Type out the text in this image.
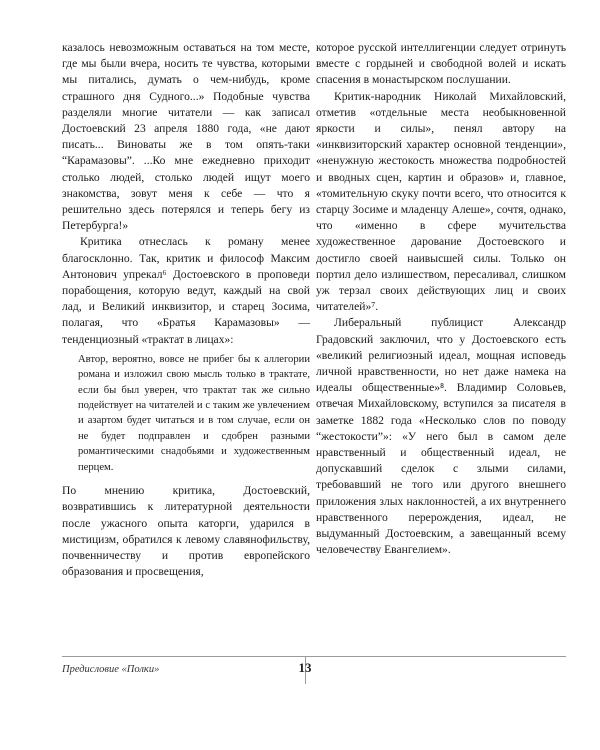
казалось невозможным оставаться на том месте, где мы были вчера, носить те чувства, которыми мы питались, думать о чем-нибудь, кроме страшного дня Судного...» Подобные чувства разделяли многие читатели — как записал Достоевский 23 апреля 1880 года, «не дают писать... Виноваты же в том опять-таки “Карамазовы”. ...Ко мне ежедневно приходит столько людей, столько людей ищут моего знакомства, зовут меня к себе — что я решительно здесь потерялся и теперь бегу из Петербурга!»

Критика отнеслась к роману менее благосклонно. Так, критик и философ Максим Антонович упрекал⁶ Достоевского в проповеди порабощения, которую ведут, каждый на свой лад, и Великий инквизитор, и старец Зосима, полагая, что «Братья Карамазовы» — тенденциозный «трактат в лицах»:

Автор, вероятно, вовсе не прибег бы к аллегории романа и изложил свою мысль только в трактате, если бы был уверен, что трактат так же сильно подействует на читателей и с таким же увлечением и азартом будет читаться и в том случае, если он не будет подправлен и сдобрен разными романтическими снадобьями и художественным перцем.

По мнению критика, Достоевский, возвратившись к литературной деятельности после ужасного опыта каторги, ударился в мистицизм, обратился к левому славянофильству, почвенничеству и против европейского образования и просвещения,

которое русской интеллигенции следует отринуть вместе с гордыней и свободной волей и искать спасения в монастырском послушании.

Критик-народник Николай Михайловский, отметив «отдельные места необыкновенной яркости и силы», пенял автору на «инквизиторский характер основной тенденции», «ненужную жестокость множества подробностей и вводных сцен, картин и образов» и, главное, «томительную скуку почти всего, что относится к старцу Зосиме и младенцу Алеше», сочтя, однако, что «именно в сфере мучительства художественное дарование Достоевского и достигло своей наивысшей силы. Только он портил дело излишеством, пересаливал, слишком уж терзал своих действующих лиц и своих читателей»⁷.

Либеральный публицист Александр Градовский заключил, что у Достоевского есть «великий религиозный идеал, мощная исповедь личной нравственности, но нет даже намека на идеалы общественные»⁸. Владимир Соловьев, отвечая Михайловскому, вступился за писателя в заметке 1882 года «Несколько слов по поводу “жестокости”»: «У него был в самом деле нравственный и общественный идеал, не допускавший сделок с злыми силами, требовавший не того или другого внешнего приложения злых наклонностей, а их внутреннего нравственного перерождения, идеал, не выдуманный Достоевским, а завещанный всему человечеству Евангелием».

Предисловие «Полки»	13
